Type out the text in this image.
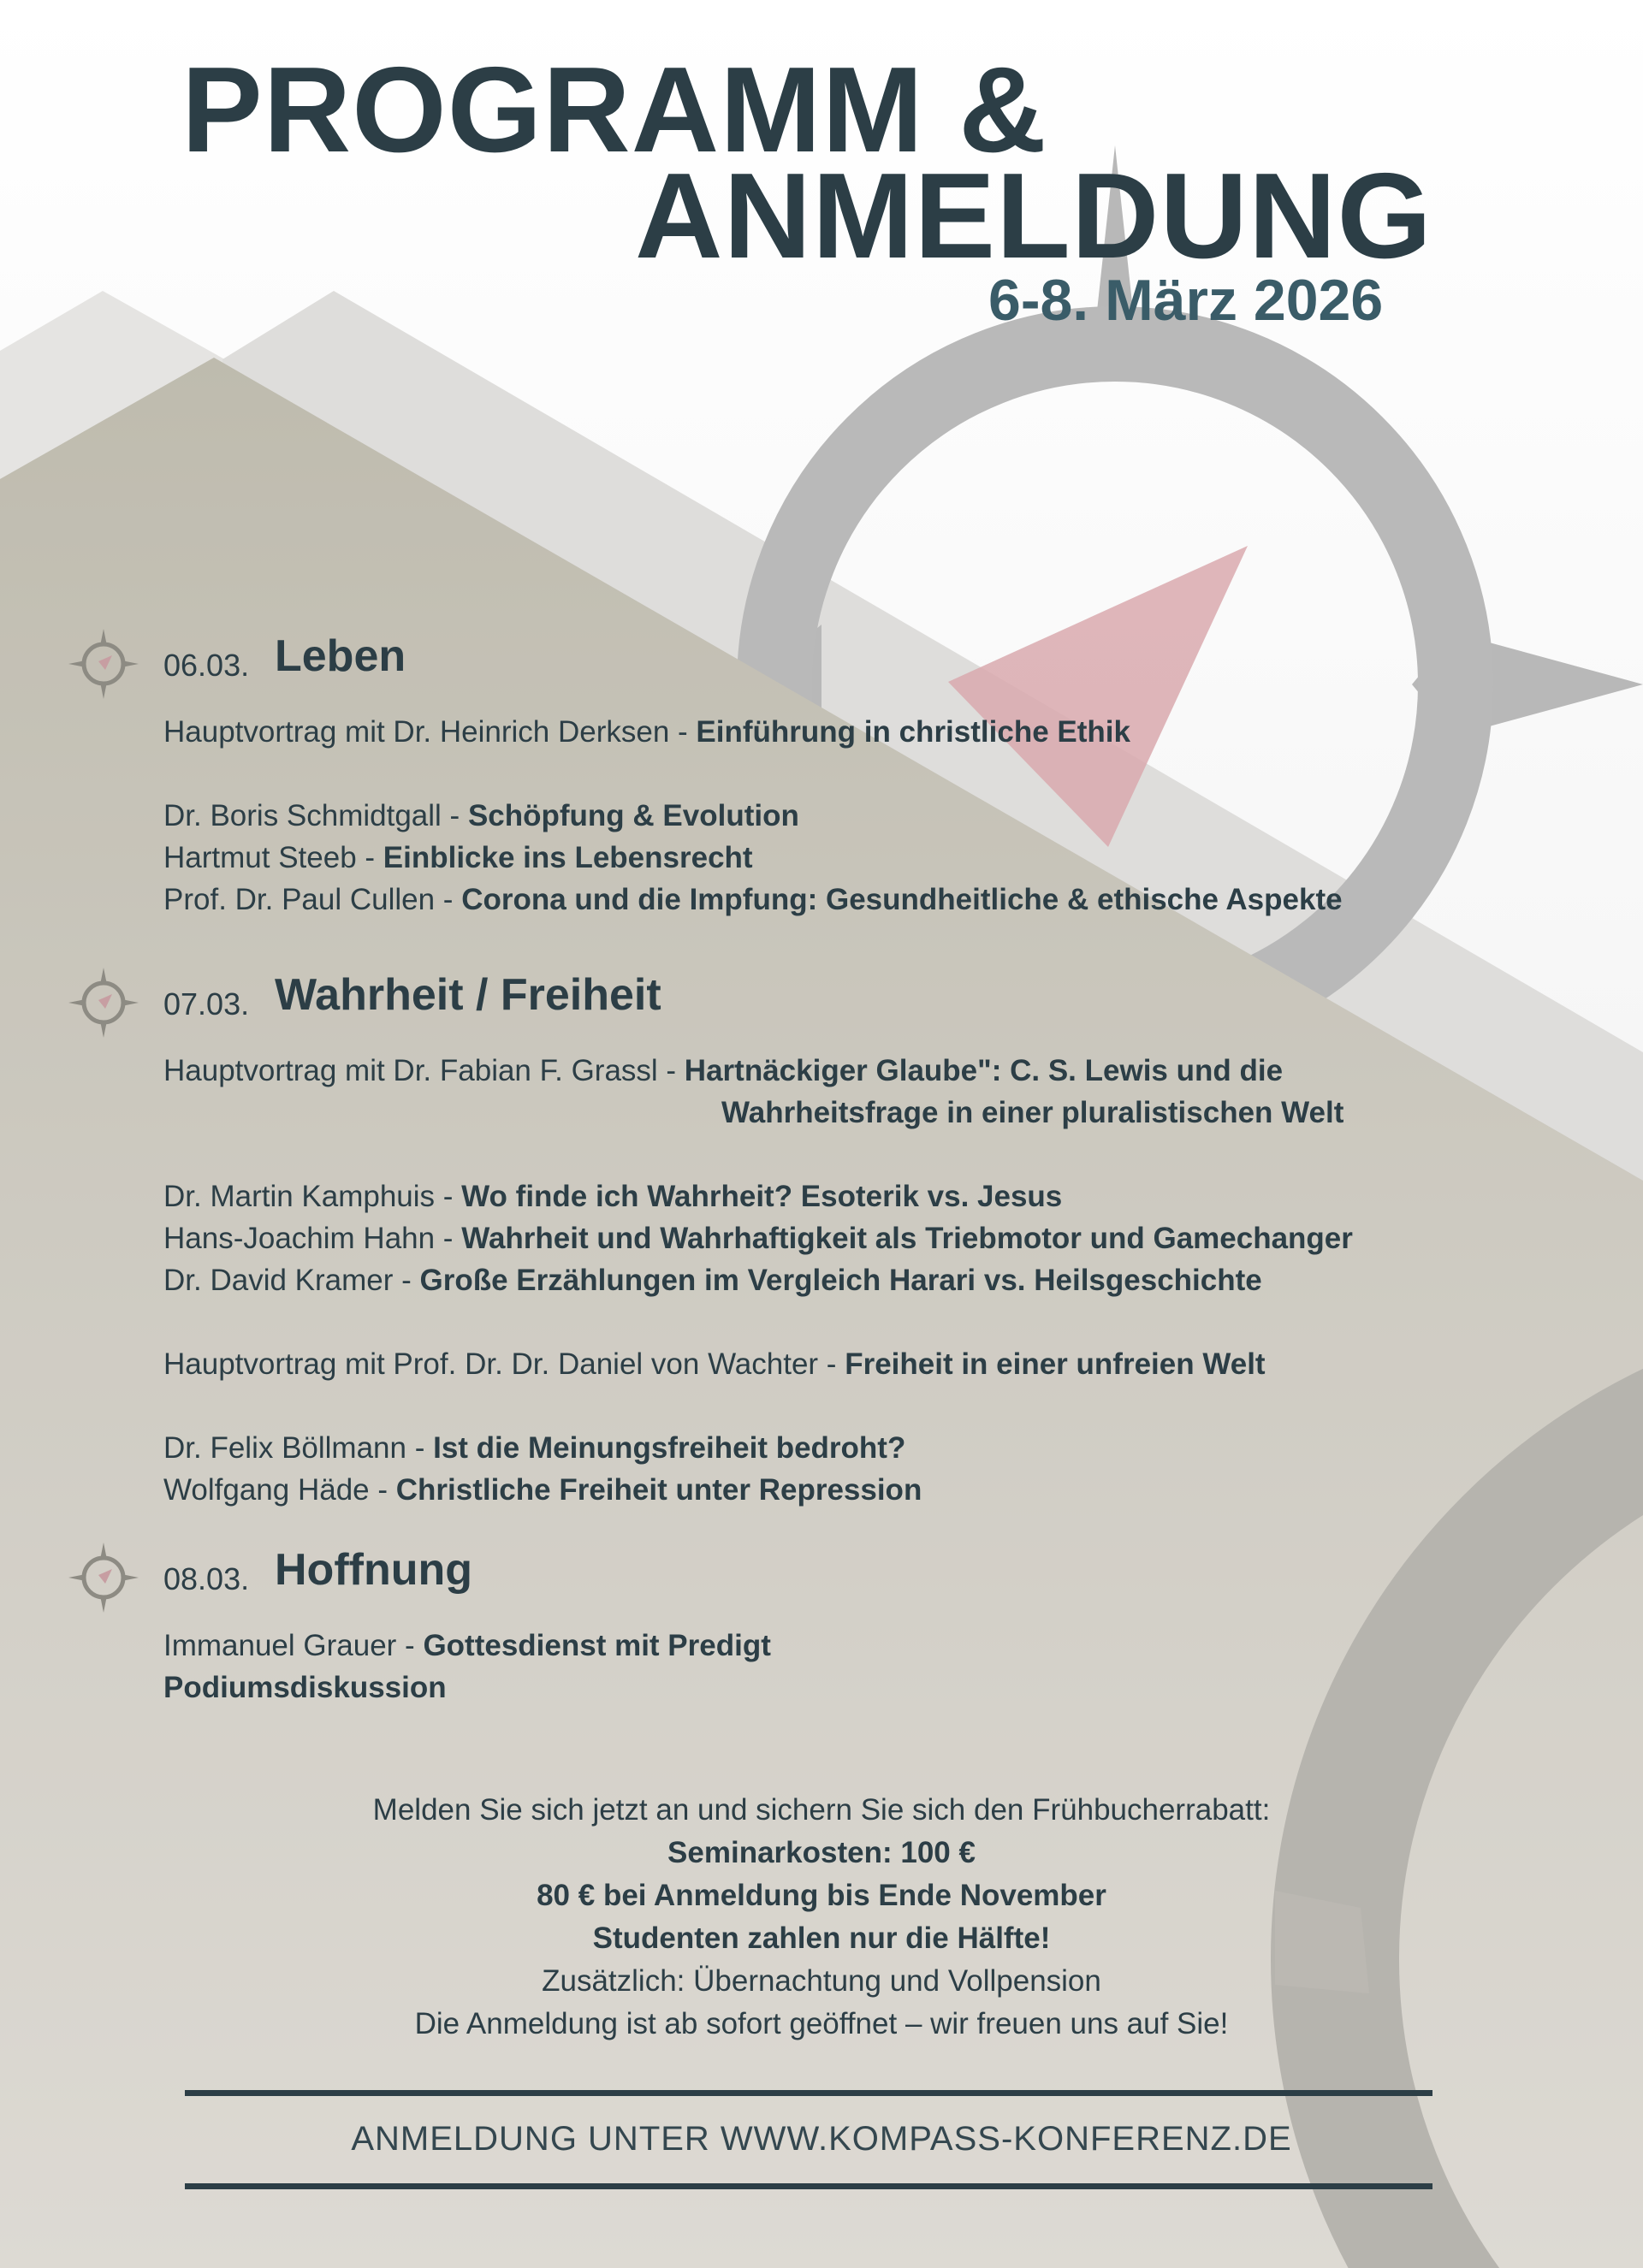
PROGRAMM &
ANMELDUNG
6-8. März 2026
06.03. Leben
Hauptvortrag mit Dr. Heinrich Derksen - Einführung in christliche Ethik
Dr. Boris Schmidtgall - Schöpfung & Evolution
Hartmut Steeb - Einblicke ins Lebensrecht
Prof. Dr. Paul Cullen - Corona und die Impfung: Gesundheitliche & ethische Aspekte
07.03. Wahrheit / Freiheit
Hauptvortrag mit Dr. Fabian F. Grassl - Hartnäckiger Glaube": C. S. Lewis und die
Wahrheitsfrage in einer pluralistischen Welt
Dr. Martin Kamphuis - Wo finde ich Wahrheit? Esoterik vs. Jesus
Hans-Joachim Hahn - Wahrheit und Wahrhaftigkeit als Triebmotor und Gamechanger
Dr. David Kramer - Große Erzählungen im Vergleich Harari vs. Heilsgeschichte
Hauptvortrag mit Prof. Dr. Dr. Daniel von Wachter - Freiheit in einer unfreien Welt
Dr. Felix Böllmann - Ist die Meinungsfreiheit bedroht?
Wolfgang Häde - Christliche Freiheit unter Repression
08.03. Hoffnung
Immanuel Grauer - Gottesdienst mit Predigt
Podiumsdiskussion
Melden Sie sich jetzt an und sichern Sie sich den Frühbucherrabatt:
Seminarkosten: 100 €
80 € bei Anmeldung bis Ende November
Studenten zahlen nur die Hälfte!
Zusätzlich: Übernachtung und Vollpension
Die Anmeldung ist ab sofort geöffnet – wir freuen uns auf Sie!
ANMELDUNG UNTER WWW.KOMPASS-KONFERENZ.DE
